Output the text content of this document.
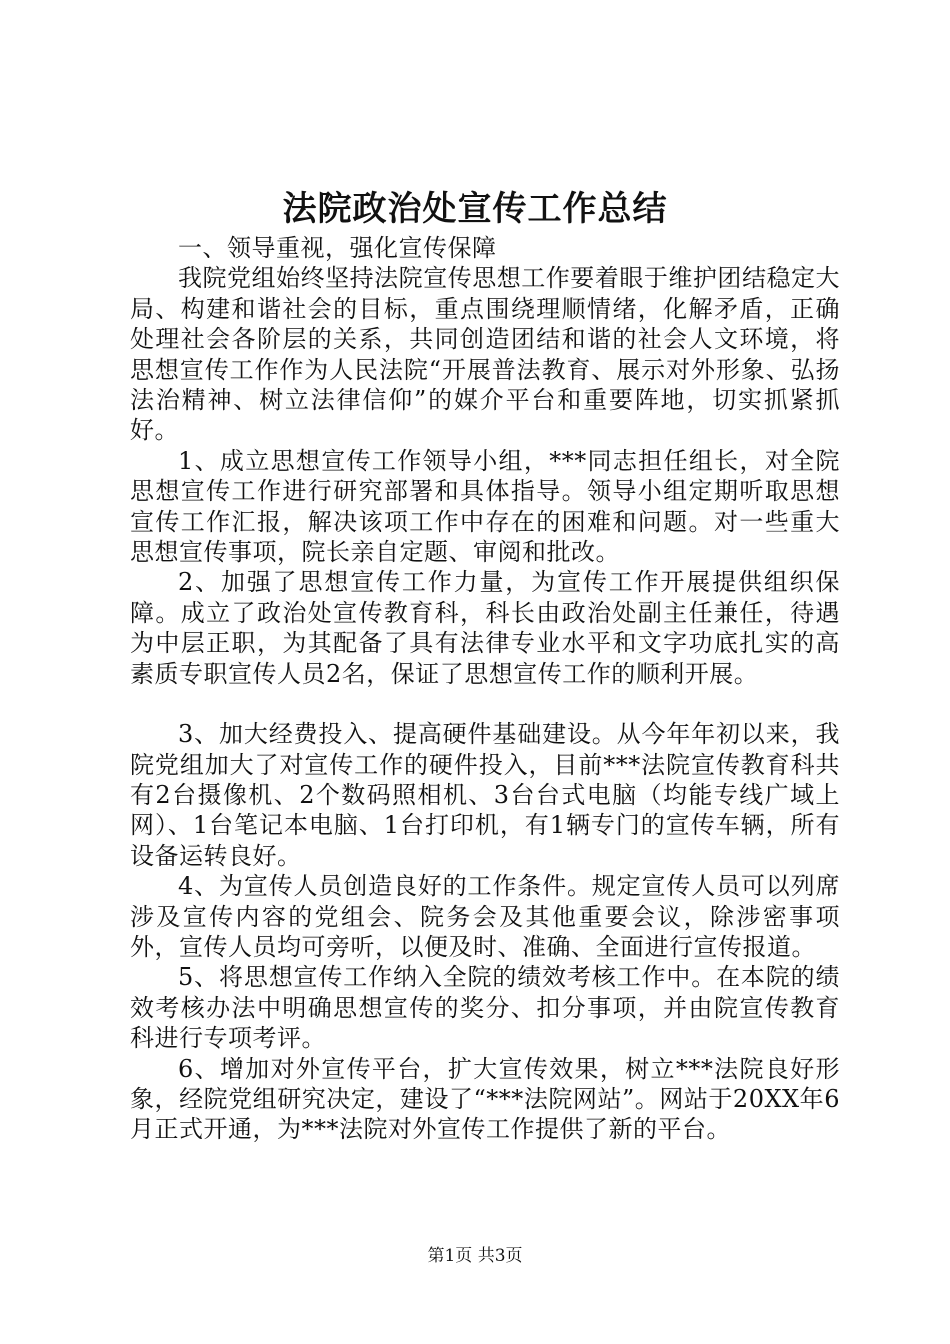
法院政治处宣传工作总结

一、领导重视，强化宣传保障

我院党组始终坚持法院宣传思想工作要着眼于维护团结稳定大局、构建和谐社会的目标，重点围绕理顺情绪，化解矛盾，正确处理社会各阶层的关系，共同创造团结和谐的社会人文环境，将思想宣传工作作为人民法院“开展普法教育、展示对外形象、弘扬法治精神、树立法律信仰”的媒介平台和重要阵地，切实抓紧抓好。

1、成立思想宣传工作领导小组，***同志担任组长，对全院思想宣传工作进行研究部署和具体指导。领导小组定期听取思想宣传工作汇报，解决该项工作中存在的困难和问题。对一些重大思想宣传事项，院长亲自定题、审阅和批改。

2、加强了思想宣传工作力量，为宣传工作开展提供组织保障。成立了政治处宣传教育科，科长由政治处副主任兼任，待遇为中层正职，为其配备了具有法律专业水平和文字功底扎实的高素质专职宣传人员2名，保证了思想宣传工作的顺利开展。

3、加大经费投入、提高硬件基础建设。从今年年初以来，我院党组加大了对宣传工作的硬件投入，目前***法院宣传教育科共有2台摄像机、2个数码照相机、3台台式电脑（均能专线广域上网）、1台笔记本电脑、1台打印机，有1辆专门的宣传车辆，所有设备运转良好。

4、为宣传人员创造良好的工作条件。规定宣传人员可以列席涉及宣传内容的党组会、院务会及其他重要会议，除涉密事项外，宣传人员均可旁听，以便及时、准确、全面进行宣传报道。

5、将思想宣传工作纳入全院的绩效考核工作中。在本院的绩效考核办法中明确思想宣传的奖分、扣分事项，并由院宣传教育科进行专项考评。

6、增加对外宣传平台，扩大宣传效果，树立***法院良好形象，经院党组研究决定，建设了“***法院网站”。网站于20XX年6月正式开通，为***法院对外宣传工作提供了新的平台。

第1页 共3页
